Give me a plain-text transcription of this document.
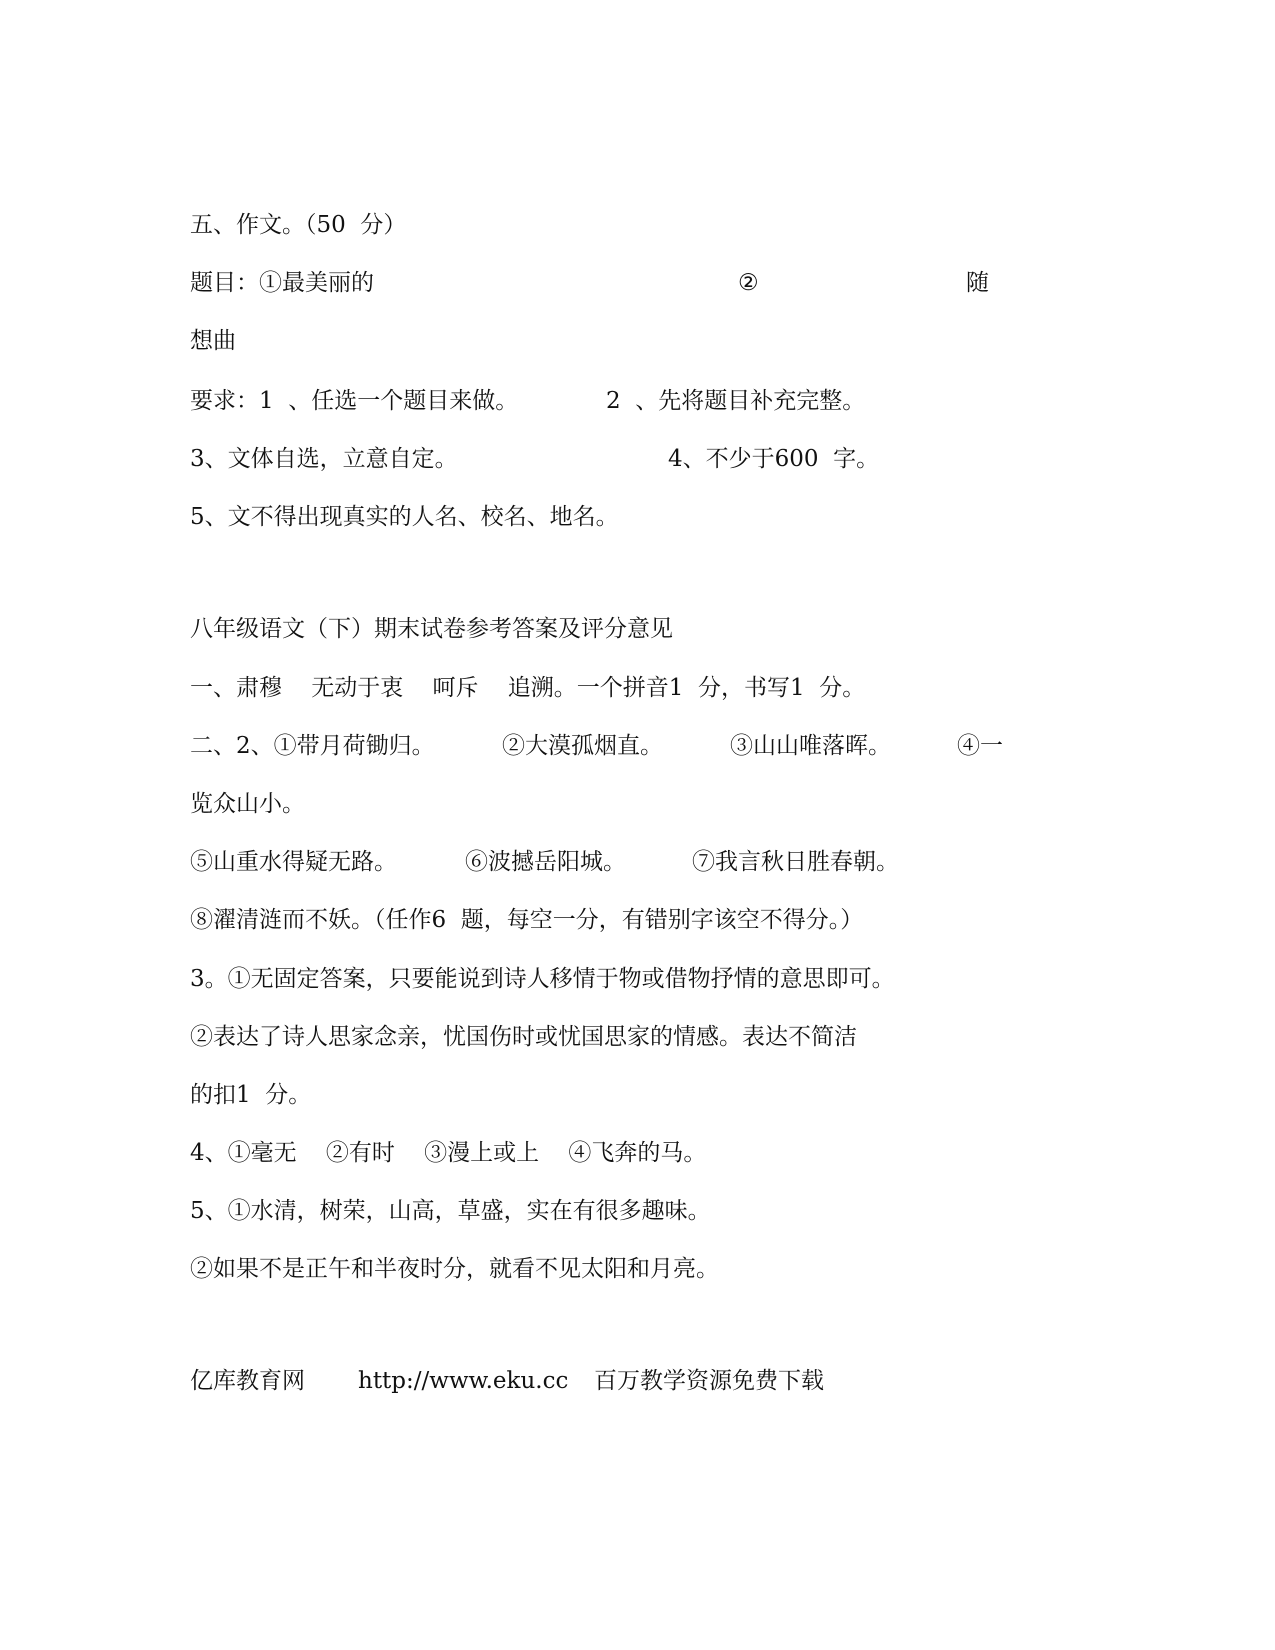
五、作文。（50  分）
题目：①最美丽的	②	随
想曲
要求：1  、任选一个题目来做。	2  、先将题目补充完整。
3、文体自选，立意自定。	4、不少于600  字。
5、文不得出现真实的人名、校名、地名。
八年级语文（下）期末试卷参考答案及评分意见
一、肃穆    无动于衷    呵斥    追溯。一个拼音1  分，书写1  分。
二、2、①带月荷锄归。	②大漠孤烟直。	③山山唯落晖。	④一
览众山小。
⑤山重水得疑无路。	⑥波撼岳阳城。	⑦我言秋日胜春朝。
⑧濯清涟而不妖。（任作6  题，每空一分，有错别字该空不得分。）
3。①无固定答案，只要能说到诗人移情于物或借物抒情的意思即可。
②表达了诗人思家念亲，忧国伤时或忧国思家的情感。表达不简洁
的扣1  分。
4、①毫无    ②有时    ③漫上或上    ④飞奔的马。
5、①水清，树荣，山高，草盛，实在有很多趣味。
②如果不是正午和半夜时分，就看不见太阳和月亮。
亿库教育网 http://www.eku.cc 百万教学资源免费下载
